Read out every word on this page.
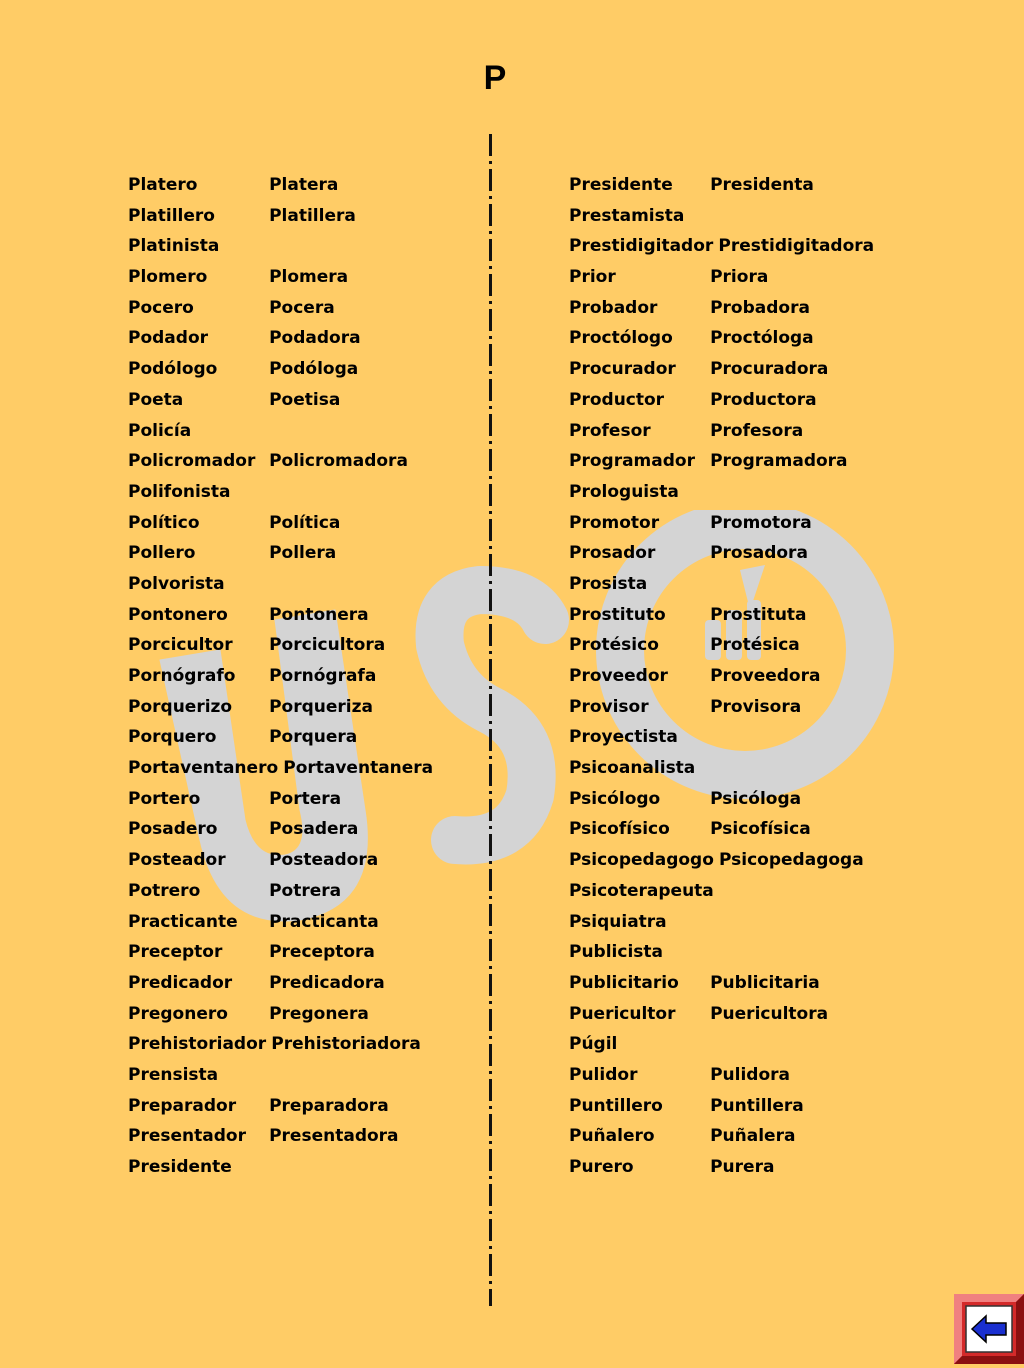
P
Platero	Platera
Platillero	Platillera
Platinista
Plomero	Plomera
Pocero	Pocera
Podador	Podadora
Podólogo	Podóloga
Poeta	Poetisa
Policía
Policromador Policromadora
Polifonista
Político	Política
Pollero	Pollera
Polvorista
Pontonero Pontonera
Porcicultor Porcicultora
Pornógrafo Pornógrafa
Porquerizo Porqueriza
Porquero	Porquera
Portaventanero Portaventanera
Portero	Portera
Posadero	Posadera
Posteador	Posteadora
Potrero	Potrera
Practicante Practicanta
Preceptor	Preceptora
Predicador Predicadora
Pregonero Pregonera
Prehistoriador Prehistoriadora
Prensista
Preparador Preparadora
Presentador Presentadora
Presidente
Presidente Presidenta
Prestamista
Prestidigitador Prestidigitadora
Prior	Priora
Probador	Probadora
Proctólogo Proctóloga
Procurador Procuradora
Productor	Productora
Profesor	Profesora
Programador Programadora
Prologuista
Promotor	Promotora
Prosador	Prosadora
Prosista
Prostituto	Prostituta
Protésico	Protésica
Proveedor Proveedora
Provisor	Provisora
Proyectista
Psicoanalista
Psicólogo	Psicóloga
Psicofísico Psicofísica
Psicopedagogo Psicopedagoga
Psicoterapeuta
Psiquiatra
Publicista
Publicitario Publicitaria
Puericultor Puericultora
Púgil
Pulidor	Pulidora
Puntillero	Puntillera
Puñalero	Puñalera
Purero	Purera
